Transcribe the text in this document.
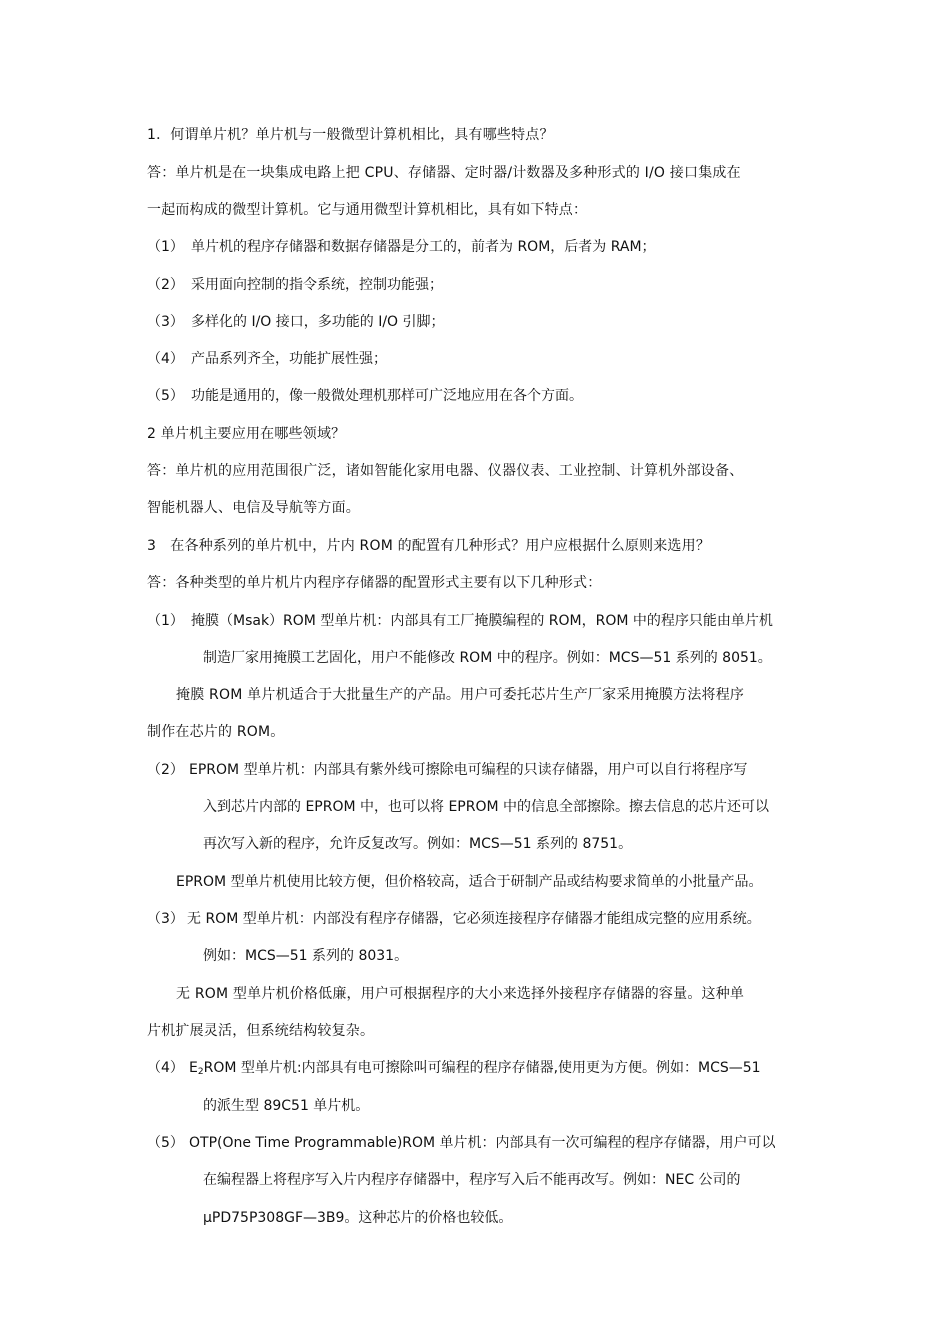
1．何谓单片机？单片机与一般微型计算机相比，具有哪些特点？
答：单片机是在一块集成电路上把 CPU、存储器、定时器/计数器及多种形式的 I/O 接口集成在
一起而构成的微型计算机。它与通用微型计算机相比，具有如下特点：
（1） 单片机的程序存储器和数据存储器是分工的，前者为 ROM，后者为 RAM；
（2） 采用面向控制的指令系统，控制功能强；
（3） 多样化的 I/O 接口，多功能的 I/O 引脚；
（4） 产品系列齐全，功能扩展性强；
（5） 功能是通用的，像一般微处理机那样可广泛地应用在各个方面。
2 单片机主要应用在哪些领域？
答：单片机的应用范围很广泛，诸如智能化家用电器、仪器仪表、工业控制、计算机外部设备、
智能机器人、电信及导航等方面。
3　在各种系列的单片机中，片内 ROM 的配置有几种形式？用户应根据什么原则来选用？
答：各种类型的单片机片内程序存储器的配置形式主要有以下几种形式：
（1） 掩膜（Msak）ROM 型单片机：内部具有工厂掩膜编程的 ROM，ROM 中的程序只能由单片机
制造厂家用掩膜工艺固化，用户不能修改 ROM 中的程序。例如：MCS—51 系列的 8051。
掩膜 ROM 单片机适合于大批量生产的产品。用户可委托芯片生产厂家采用掩膜方法将程序
制作在芯片的 ROM。
（2） EPROM 型单片机：内部具有紫外线可擦除电可编程的只读存储器，用户可以自行将程序写
入到芯片内部的 EPROM 中，也可以将 EPROM 中的信息全部擦除。擦去信息的芯片还可以
再次写入新的程序，允许反复改写。例如：MCS—51 系列的 8751。
EPROM 型单片机使用比较方便，但价格较高，适合于研制产品或结构要求简单的小批量产品。
（3） 无 ROM 型单片机：内部没有程序存储器，它必须连接程序存储器才能组成完整的应用系统。
例如：MCS—51 系列的 8031。
无 ROM 型单片机价格低廉，用户可根据程序的大小来选择外接程序存储器的容量。这种单
片机扩展灵活，但系统结构较复杂。
（4） $E_2ROM$ 型单片机:内部具有电可擦除叫可编程的程序存储器,使用更为方便。例如：MCS—51
的派生型 89C51 单片机。
（5） OTP(One Time Programmable)ROM 单片机：内部具有一次可编程的程序存储器，用户可以
在编程器上将程序写入片内程序存储器中，程序写入后不能再改写。例如：NEC 公司的
μPD75P308GF—3B9。这种芯片的价格也较低。
